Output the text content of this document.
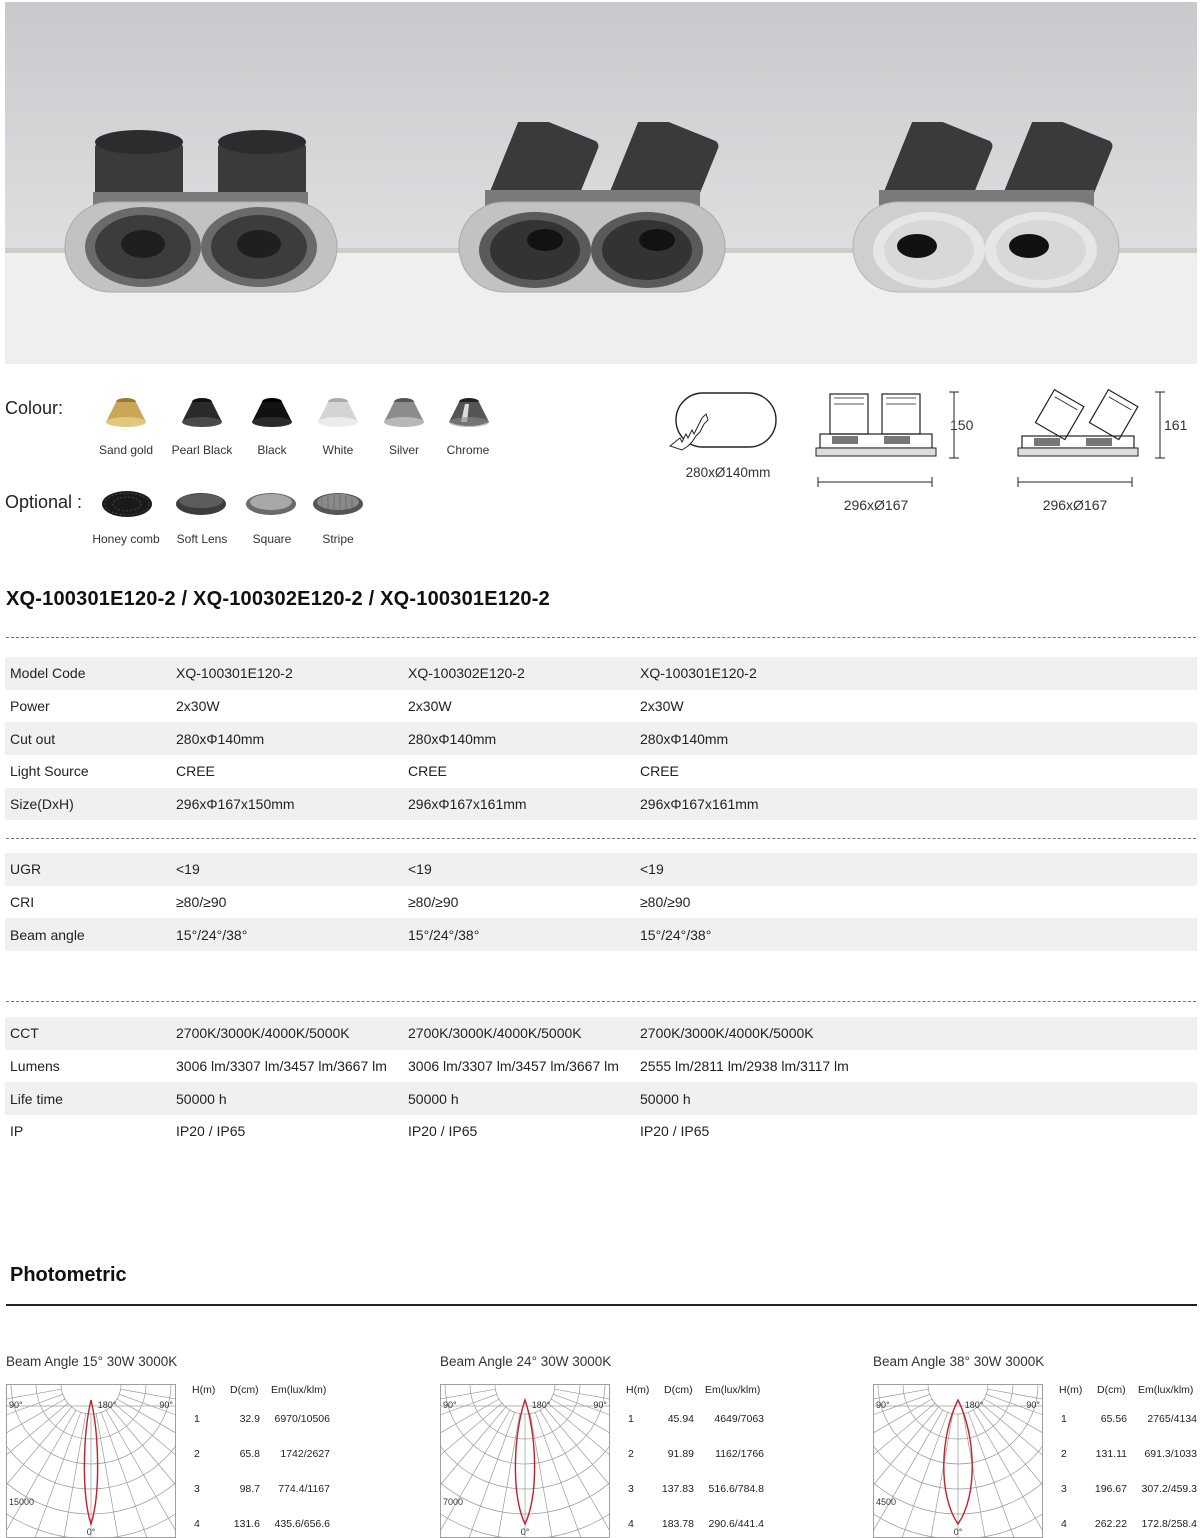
Colour:
Sand gold	Pearl Black	Black	White	Silver	Chrome
Optional :
Honey comb	Soft Lens	Square	Stripe
280xØ140mm
150
296xØ167
161
296xØ167
XQ-100301E120-2 / XQ-100302E120-2 / XQ-100301E120-2
Model Code	XQ-100301E120-2	XQ-100302E120-2	XQ-100301E120-2
Power	2x30W	2x30W	2x30W
Cut out	280xΦ140mm	280xΦ140mm	280xΦ140mm
Light Source	CREE	CREE	CREE
Size(DxH)	296xΦ167x150mm	296xΦ167x161mm	296xΦ167x161mm
UGR	<19	<19	<19
CRI	≥80/≥90	≥80/≥90	≥80/≥90
Beam angle	15°/24°/38°	15°/24°/38°	15°/24°/38°
CCT	2700K/3000K/4000K/5000K	2700K/3000K/4000K/5000K	2700K/3000K/4000K/5000K
Lumens	3006 lm/3307 lm/3457 lm/3667 lm	3006 lm/3307 lm/3457 lm/3667 lm	2555 lm/2811 lm/2938 lm/3117 lm
Life time	50000 h	50000 h	50000 h
IP	IP20 / IP65	IP20 / IP65	IP20 / IP65
Photometric
Beam Angle 15° 30W 3000K
90°	90°
180°
0°
15000
H(m) D(cm) Em(lux/klm)
1	32.9	6970/10506
2	65.8	1742/2627
3	98.7	774.4/1167
4	131.6	435.6/656.6
Beam Angle 24° 30W 3000K
90°	90°
180°
0°
7000
H(m) D(cm) Em(lux/klm)
1	45.94	4649/7063
2	91.89	1162/1766
3	137.83	516.6/784.8
4	183.78	290.6/441.4
Beam Angle 38° 30W 3000K
90°	90°
180°
0°
4500
H(m) D(cm) Em(lux/klm)
1	65.56	2765/4134
2	131.11	691.3/1033
3	196.67	307.2/459.3
4	262.22	172.8/258.4
